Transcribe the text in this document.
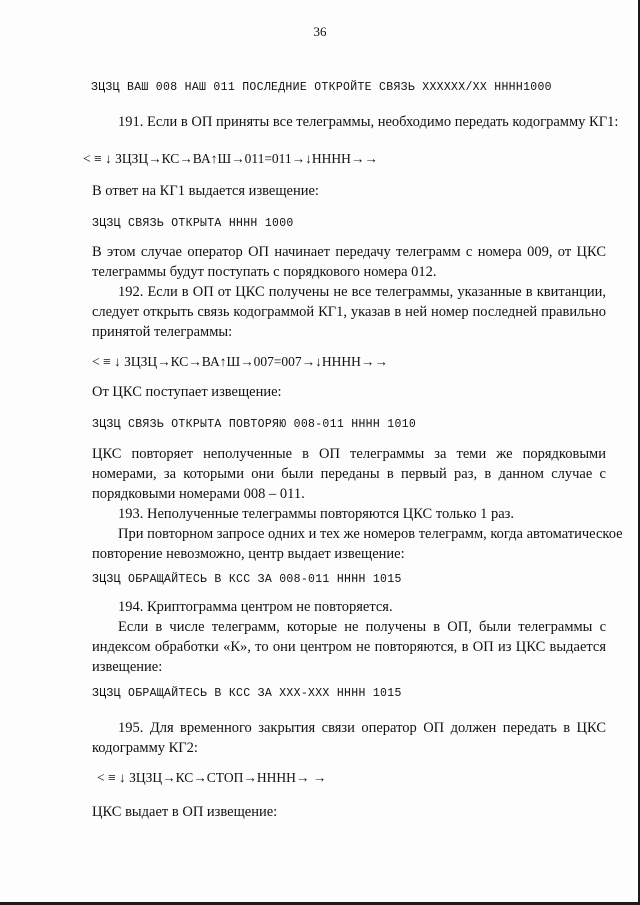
36
ЗЦЗЦ ВАШ 008 НАШ 011 ПОСЛЕДНИЕ ОТКРОЙТЕ СВЯЗЬ XXXXXX/XX НННН1000
191. Если в ОП приняты все телеграммы, необходимо передать кодограмму КГ1:
< ≡ ↓ ЗЦЗЦ→КС→ВА↑Ш→011=011→↓НННН→→
В ответ на КГ1 выдается извещение:
ЗЦЗЦ СВЯЗЬ ОТКРЫТА НННН 1000
В этом случае оператор ОП начинает передачу телеграмм с номера 009, от ЦКС
телеграммы будут поступать с порядкового номера 012.
192. Если в ОП от ЦКС получены не все телеграммы, указанные в квитанции,
следует открыть связь кодограммой КГ1, указав в ней номер последней правильно
принятой телеграммы:
< ≡ ↓ ЗЦЗЦ→КС→ВА↑Ш→007=007→↓НННН→→
От ЦКС поступает извещение:
ЗЦЗЦ СВЯЗЬ ОТКРЫТА ПОВТОРЯЮ 008-011 НННН 1010
ЦКС повторяет неполученные в ОП телеграммы за теми же порядковыми
номерами, за которыми они были переданы в первый раз, в данном случае с
порядковыми номерами 008 – 011.
193. Неполученные телеграммы повторяются ЦКС только 1 раз.
При повторном запросе одних и тех же номеров телеграмм, когда автоматическое
повторение невозможно, центр выдает извещение:
ЗЦЗЦ ОБРАЩАЙТЕСЬ В КСС ЗА 008-011 НННН 1015
194. Криптограмма центром не повторяется.
Если в числе телеграмм, которые не получены в ОП, были телеграммы с
индексом обработки «К», то они центром не повторяются, в ОП из ЦКС выдается
извещение:
ЗЦЗЦ ОБРАЩАЙТЕСЬ В КСС ЗА XXX-XXX НННН 1015
195. Для временного закрытия связи оператор ОП должен передать в ЦКС
кодограмму КГ2:
< ≡ ↓ ЗЦЗЦ→КС→СТОП→НННН→ →
ЦКС выдает в ОП извещение:
